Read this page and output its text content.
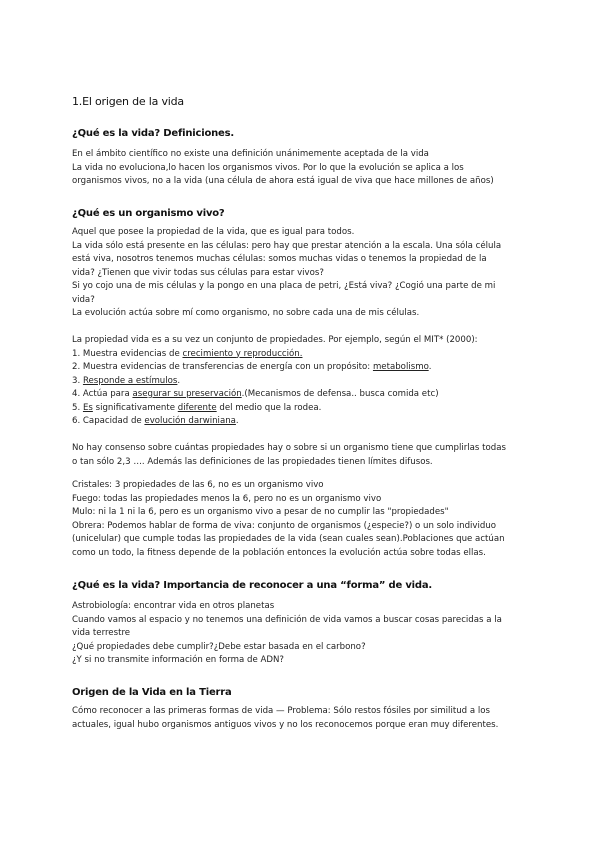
1.El origen de la vida
¿Qué es la vida? Definiciones.
En el ámbito científico no existe una definición unánimemente aceptada de la vida
La vida no evoluciona,lo hacen los organismos vivos. Por lo que la evolución se aplica a los
organismos vivos, no a la vida (una célula de ahora está igual de viva que hace millones de años)
¿Qué es un organismo vivo?
Aquel que posee la propiedad de la vida, que es igual para todos.
La vida sólo está presente en las células: pero hay que prestar atención a la escala. Una sóla célula
está viva, nosotros tenemos muchas células: somos muchas vidas o tenemos la propiedad de la
vida? ¿Tienen que vivir todas sus células para estar vivos?
Si yo cojo una de mis células y la pongo en una placa de petri, ¿Está viva? ¿Cogió una parte de mi
vida?
La evolución actúa sobre mí como organismo, no sobre cada una de mis células.
La propiedad vida es a su vez un conjunto de propiedades. Por ejemplo, según el MIT* (2000):
1. Muestra evidencias de crecimiento y reproducción.
2. Muestra evidencias de transferencias de energía con un propósito: metabolismo.
3. Responde a estímulos.
4. Actúa para asegurar su preservación.(Mecanismos de defensa.. busca comida etc)
5. Es significativamente diferente del medio que la rodea.
6. Capacidad de evolución darwiniana.
No hay consenso sobre cuántas propiedades hay o sobre si un organismo tiene que cumplirlas todas
o tan sólo 2,3 …. Además las definiciones de las propiedades tienen límites difusos.
Cristales: 3 propiedades de las 6, no es un organismo vivo
Fuego: todas las propiedades menos la 6, pero no es un organismo vivo
Mulo: ni la 1 ni la 6, pero es un organismo vivo a pesar de no cumplir las "propiedades"
Obrera: Podemos hablar de forma de viva: conjunto de organismos (¿especie?) o un solo individuo
(unicelular) que cumple todas las propiedades de la vida (sean cuales sean).Poblaciones que actúan
como un todo, la fitness depende de la población entonces la evolución actúa sobre todas ellas.
¿Qué es la vida? Importancia de reconocer a una “forma” de vida.
Astrobiología: encontrar vida en otros planetas
Cuando vamos al espacio y no tenemos una definición de vida vamos a buscar cosas parecidas a la
vida terrestre
¿Qué propiedades debe cumplir?¿Debe estar basada en el carbono?
¿Y si no transmite información en forma de ADN?
Origen de la Vida en la Tierra
Cómo reconocer a las primeras formas de vida — Problema: Sólo restos fósiles por similitud a los
actuales, igual hubo organismos antiguos vivos y no los reconocemos porque eran muy diferentes.
